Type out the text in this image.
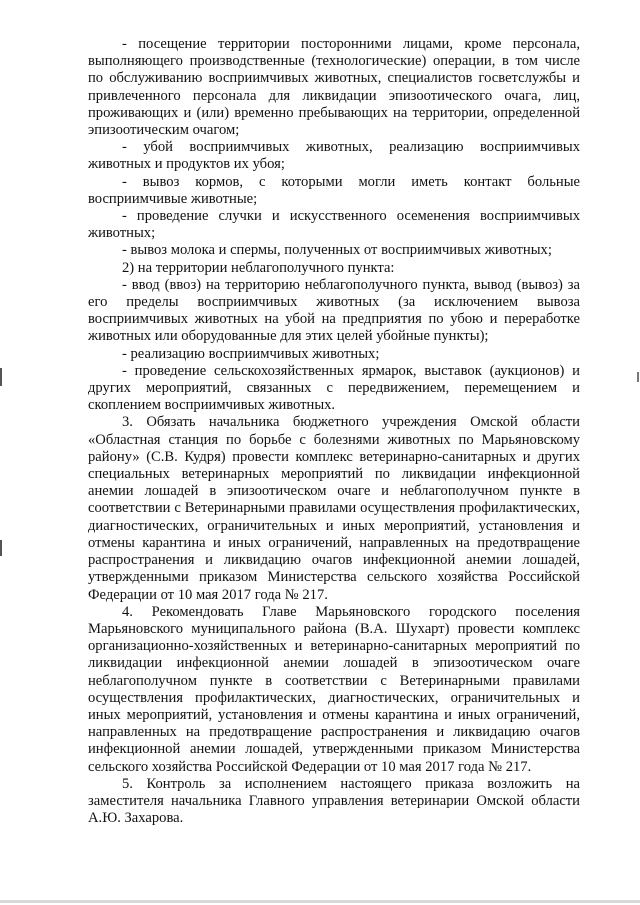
- посещение территории посторонними лицами, кроме персонала, выполняющего производственные (технологические) операции, в том числе по обслуживанию восприимчивых животных, специалистов госветслужбы и привлеченного персонала для ликвидации эпизоотического очага, лиц, проживающих и (или) временно пребывающих на территории, определенной эпизоотическим очагом;

- убой восприимчивых животных, реализацию восприимчивых животных и продуктов их убоя;

- вывоз кормов, с которыми могли иметь контакт больные восприимчивые животные;

- проведение случки и искусственного осеменения восприимчивых животных;

- вывоз молока и спермы, полученных от восприимчивых животных;

2) на территории неблагополучного пункта:

- ввод (ввоз) на территорию неблагополучного пункта, вывод (вывоз) за его пределы восприимчивых животных (за исключением вывоза восприимчивых животных на убой на предприятия по убою и переработке животных или оборудованные для этих целей убойные пункты);

- реализацию восприимчивых животных;

- проведение сельскохозяйственных ярмарок, выставок (аукционов) и других мероприятий, связанных с передвижением, перемещением и скоплением восприимчивых животных.

3. Обязать начальника бюджетного учреждения Омской области «Областная станция по борьбе с болезнями животных по Марьяновскому району» (С.В. Кудря) провести комплекс ветеринарно-санитарных и других специальных ветеринарных мероприятий по ликвидации инфекционной анемии лошадей в эпизоотическом очаге и неблагополучном пункте в соответствии с Ветеринарными правилами осуществления профилактических, диагностических, ограничительных и иных мероприятий, установления и отмены карантина и иных ограничений, направленных на предотвращение распространения и ликвидацию очагов инфекционной анемии лошадей, утвержденными приказом Министерства сельского хозяйства Российской Федерации от 10 мая 2017 года № 217.

4. Рекомендовать Главе Марьяновского городского поселения Марьяновского муниципального района (В.А. Шухарт) провести комплекс организационно-хозяйственных и ветеринарно-санитарных мероприятий по ликвидации инфекционной анемии лошадей в эпизоотическом очаге неблагополучном пункте в соответствии с Ветеринарными правилами осуществления профилактических, диагностических, ограничительных и иных мероприятий, установления и отмены карантина и иных ограничений, направленных на предотвращение распространения и ликвидацию очагов инфекционной анемии лошадей, утвержденными приказом Министерства сельского хозяйства Российской Федерации от 10 мая 2017 года № 217.

5. Контроль за исполнением настоящего приказа возложить на заместителя начальника Главного управления ветеринарии Омской области А.Ю. Захарова.
